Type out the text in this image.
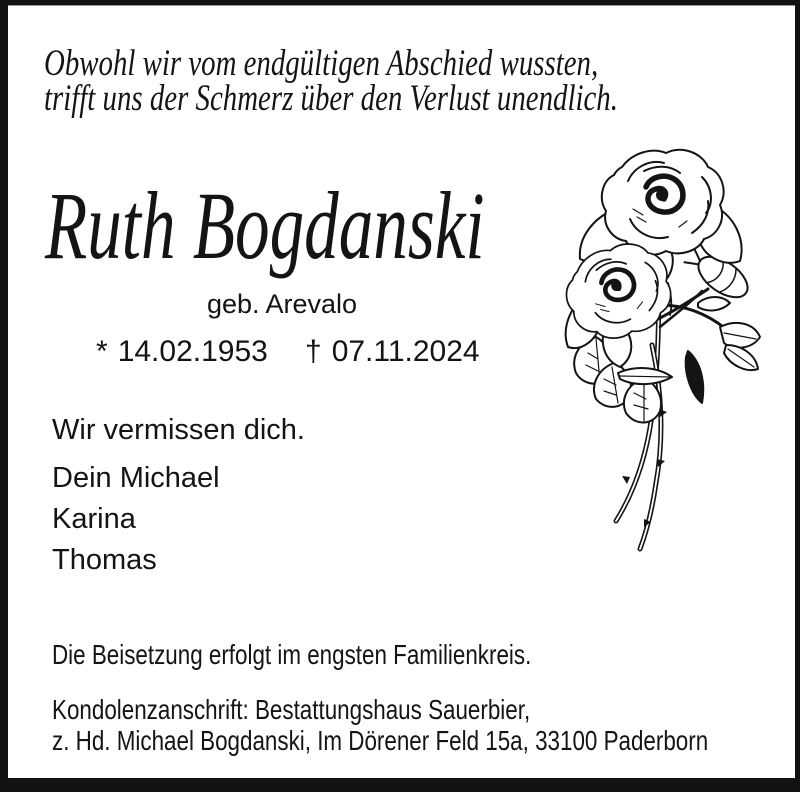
Obwohl wir vom endgültigen Abschied wussten,
trifft uns der Schmerz über den Verlust unendlich.
Ruth Bogdanski
geb. Arevalo
* 14.02.1953 † 07.11.2024
Wir vermissen dich.
Dein Michael
Karina
Thomas
Die Beisetzung erfolgt im engsten Familienkreis.
Kondolenzanschrift: Bestattungshaus Sauerbier,
z. Hd. Michael Bogdanski, Im Dörener Feld 15a, 33100 Paderborn
